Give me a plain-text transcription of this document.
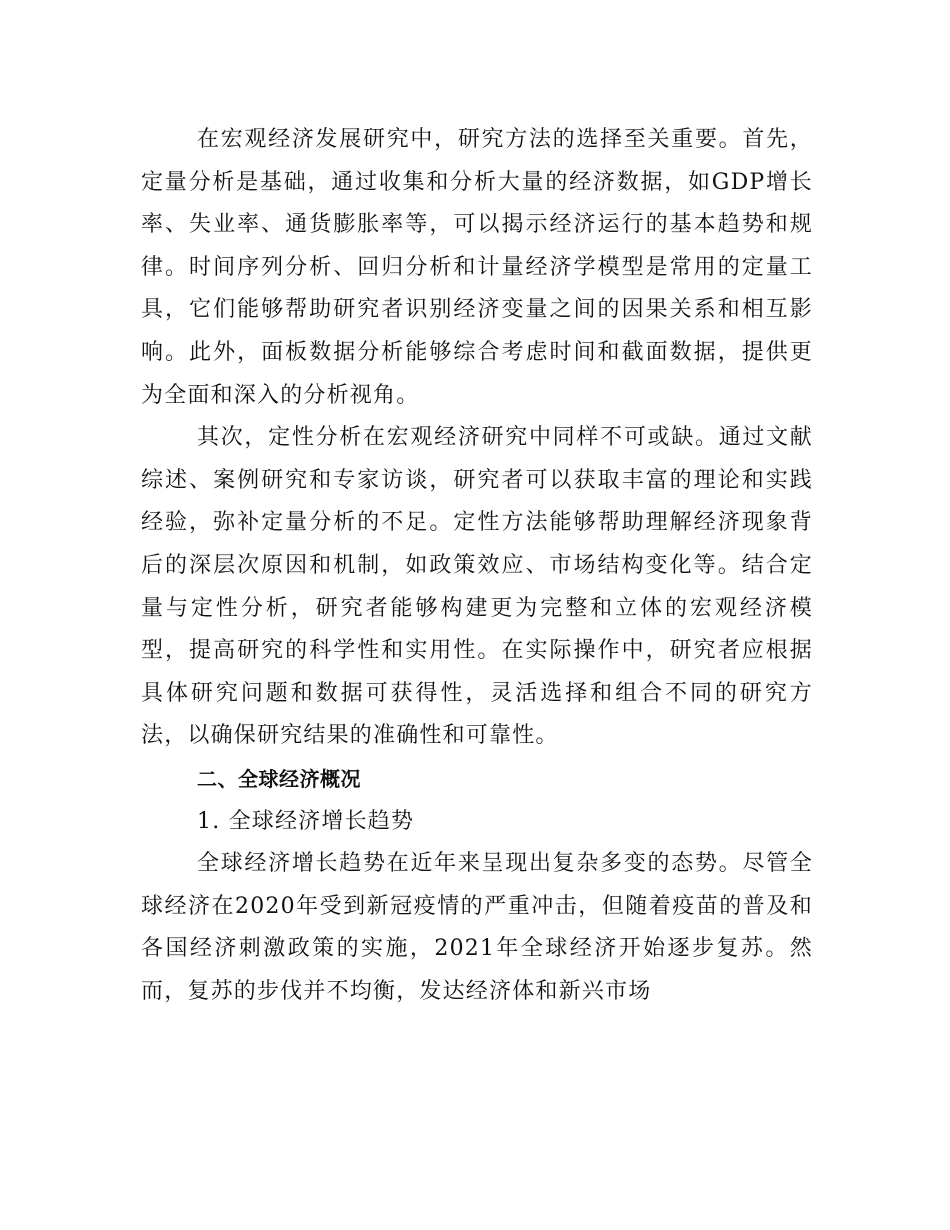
在宏观经济发展研究中，研究方法的选择至关重要。首先，定量分析是基础，通过收集和分析大量的经济数据，如GDP增长率、失业率、通货膨胀率等，可以揭示经济运行的基本趋势和规律。时间序列分析、回归分析和计量经济学模型是常用的定量工具，它们能够帮助研究者识别经济变量之间的因果关系和相互影响。此外，面板数据分析能够综合考虑时间和截面数据，提供更为全面和深入的分析视角。

其次，定性分析在宏观经济研究中同样不可或缺。通过文献综述、案例研究和专家访谈，研究者可以获取丰富的理论和实践经验，弥补定量分析的不足。定性方法能够帮助理解经济现象背后的深层次原因和机制，如政策效应、市场结构变化等。结合定量与定性分析，研究者能够构建更为完整和立体的宏观经济模型，提高研究的科学性和实用性。在实际操作中，研究者应根据具体研究问题和数据可获得性，灵活选择和组合不同的研究方法，以确保研究结果的准确性和可靠性。

二、全球经济概况

1. 全球经济增长趋势

全球经济增长趋势在近年来呈现出复杂多变的态势。尽管全球经济在2020年受到新冠疫情的严重冲击，但随着疫苗的普及和各国经济刺激政策的实施，2021年全球经济开始逐步复苏。然而，复苏的步伐并不均衡，发达经济体和新兴市场
